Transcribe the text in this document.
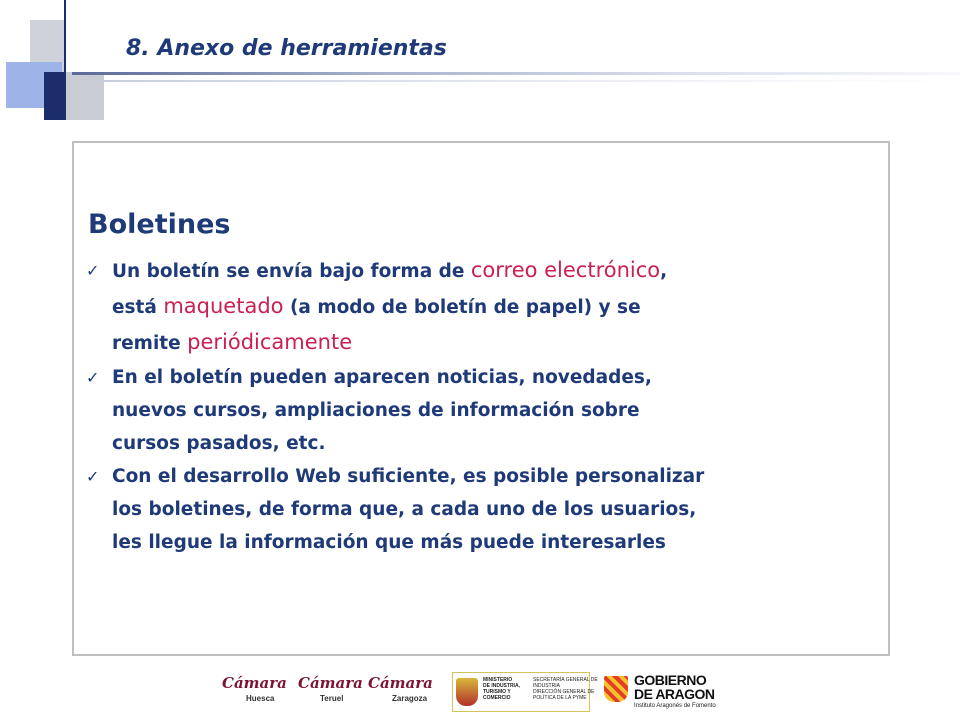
8. Anexo de herramientas
Boletines
✓ Un boletín se envía bajo forma de correo electrónico,
está maquetado (a modo de boletín de papel) y se
remite periódicamente
✓ En el boletín pueden aparecen noticias, novedades,
nuevos cursos, ampliaciones de información sobre
cursos pasados, etc.
✓ Con el desarrollo Web suficiente, es posible personalizar
los boletines, de forma que, a cada uno de los usuarios,
les llegue la información que más puede interesarles
Cámara
Huesca
Cámara
Teruel
Cámara
Zaragoza
MINISTERIO
DE INDUSTRIA,
TURISMO Y
COMERCIO
SECRETARÍA GENERAL DE
INDUSTRIA
DIRECCIÓN GENERAL DE
POLÍTICA DE LA PYME
GOBIERNO
DE ARAGON
Instituto Aragonés de Fomento
